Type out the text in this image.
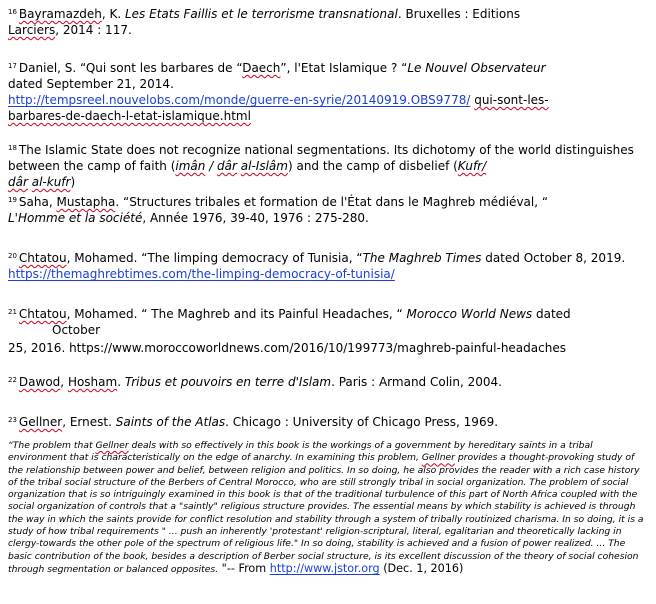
$^{16}$ Bayramazdeh, K. Les Etats Faillis et le terrorisme transnational. Bruxelles : Editions
Larciers, 2014 : 117.
$^{17}$ Daniel, S. “Qui sont les barbares de “Daech”, l'Etat Islamique ? “Le Nouvel Observateur
dated September 21, 2014.
http://tempsreel.nouvelobs.com/monde/guerre-en-syrie/20140919.OBS9778/ qui-sont-les-
barbares-de-daech-l-etat-islamique.html
$^{18}$ The Islamic State does not recognize national segmentations. Its dichotomy of the world distinguishes between the camp of faith (imân / dâr al-Islâm) and the camp of disbelief (Kufr/
dâr al-kufr)
$^{19}$ Saha, Mustapha. “Structures tribales et formation de l'État dans le Maghreb médiéval, “
L'Homme et la société, Année 1976, 39-40, 1976 : 275-280.
$^{20}$ Chtatou, Mohamed. “The limping democracy of Tunisia, “The Maghreb Times dated October 8, 2019. https://themaghrebtimes.com/the-limping-democracy-of-tunisia/
$^{21}$ Chtatou, Mohamed. “ The Maghreb and its Painful Headaches, “ Morocco World News dated

October
25, 2016. https://www.moroccoworldnews.com/2016/10/199773/maghreb-painful-headaches
$^{22}$ Dawod, Hosham. Tribus et pouvoirs en terre d'Islam. Paris : Armand Colin, 2004.
$^{23}$ Gellner, Ernest. Saints of the Atlas. Chicago : University of Chicago Press, 1969.
“The problem that Gellner deals with so effectively in this book is the workings of a government by hereditary saints in a tribal environment that is characteristically on the edge of anarchy. In examining this problem, Gellner provides a thought-provoking study of the relationship between power and belief, between religion and politics. In so doing, he also provides the reader with a rich case history of the tribal social structure of the Berbers of Central Morocco, who are still strongly tribal in social organization. The problem of social organization that is so intriguingly examined in this book is that of the traditional turbulence of this part of North Africa coupled with the social organization of controls that a "saintly" religious structure provides. The essential means by which stability is achieved is through the way in which the saints provide for conflict resolution and stability through a system of tribally routinized charisma. In so doing, it is a study of how tribal requirements " ... push an inherently 'protestant' religion-scriptural, literal, egalitarian and theoretically lacking in clergy-towards the other pole of the spectrum of religious life." In so doing, stability is achieved and a fusion of power realized. ... The basic contribution of the book, besides a description of Berber social structure, is its excellent discussion of the theory of social cohesion through segmentation or balanced opposites. "-- From http://www.jstor.org (Dec. 1, 2016)
